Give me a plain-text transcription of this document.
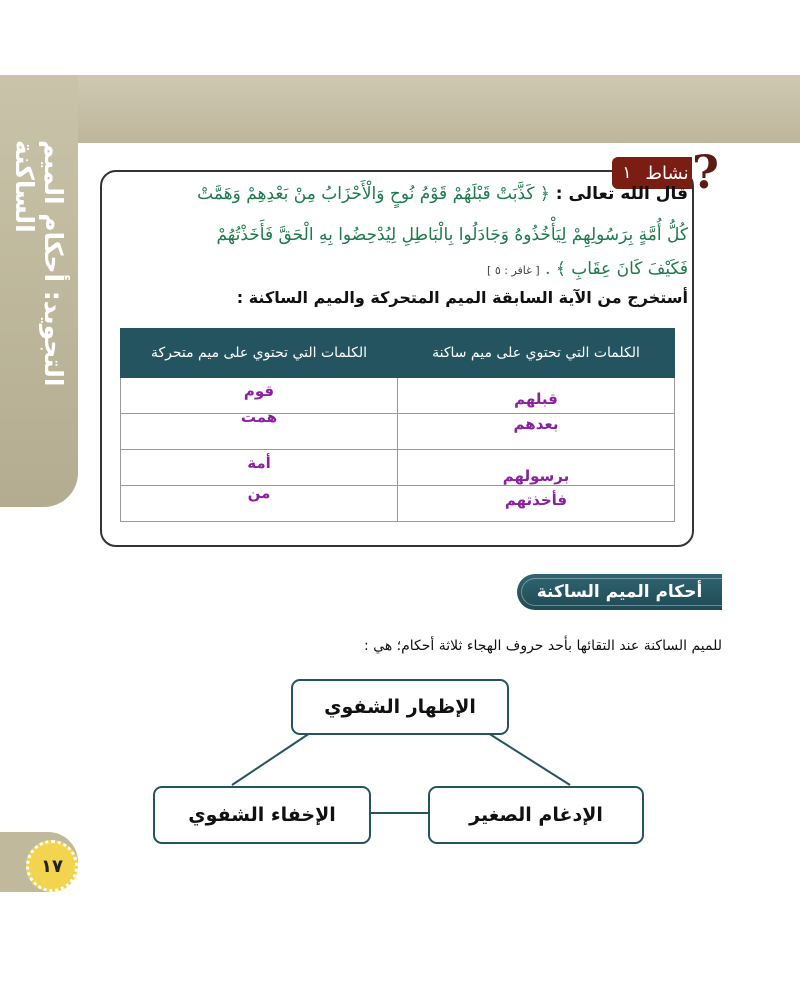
التجويد: أحكام الميم الساكنة	١ نشاط ?
قال الله تعالى : ﴿ كَذَّبَتْ قَبْلَهُمْ قَوْمُ نُوحٍ وَالْأَحْزَابُ مِنْ بَعْدِهِمْ وَهَمَّتْ
كُلُّ أُمَّةٍ بِرَسُولِهِمْ لِيَأْخُذُوهُ وَجَادَلُوا بِالْبَاطِلِ لِيُدْحِضُوا بِهِ الْحَقَّ فَأَخَذْتُهُمْ
فَكَيْفَ كَانَ عِقَابِ ﴾ . [ غافر : ٥ ]
أستخرج من الآية السابقة الميم المتحركة والميم الساكنة :
الكلمات التي تحتوي على ميم ساكنة	الكلمات التي تحتوي على ميم متحركة

قبلهم	قوم

بعدهم	همت

برسولهم	أمة

فأخذتهم	من
أحكام الميم الساكنة
للميم الساكنة عند التقائها بأحد حروف الهجاء ثلاثة أحكام؛ هي :
الإظهار الشفوي
الإخفاء الشفوي	الإدغام الصغير
١٧
